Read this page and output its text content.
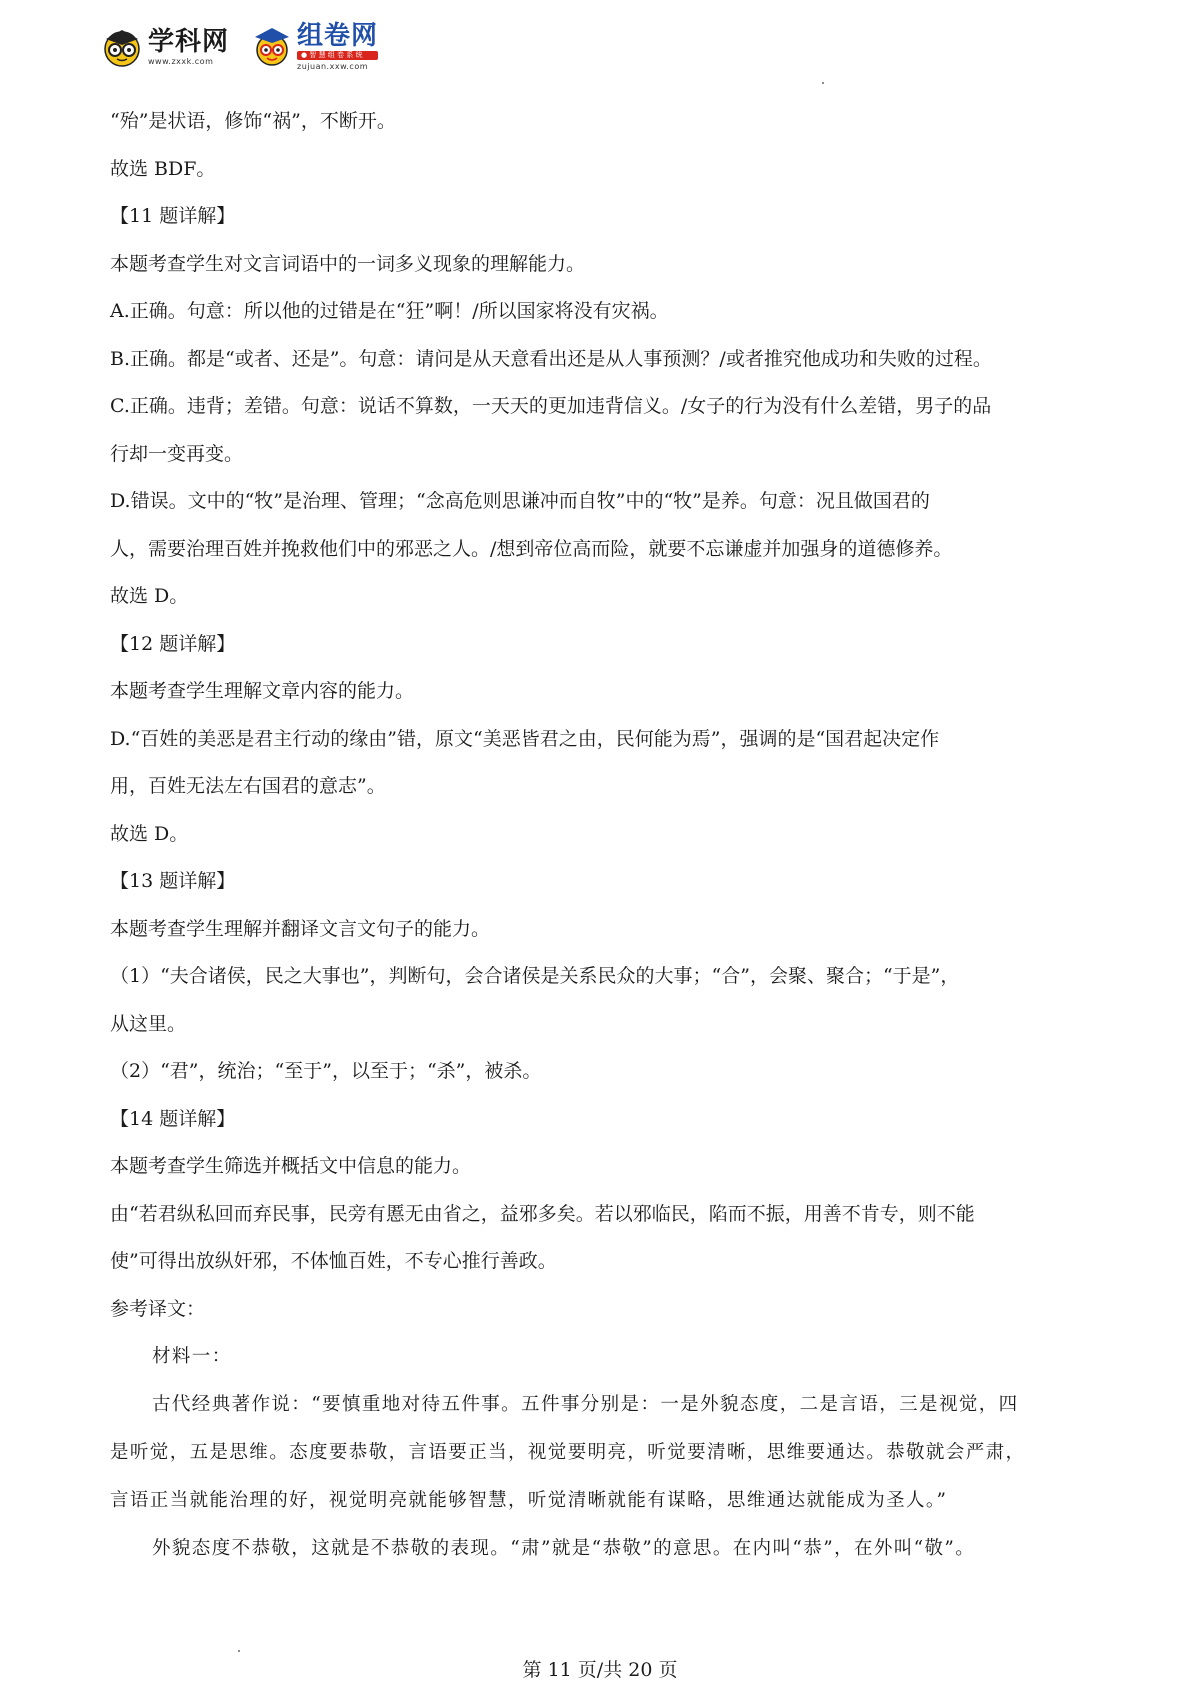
学科网
www.zxxk.com
组卷网
● 智 慧 组 卷 系 统
zujuan.xxw.com
“殆”是状语，修饰“祸”，不断开。
故选 BDF。
【11 题详解】
本题考查学生对文言词语中的一词多义现象的理解能力。
A.正确。句意：所以他的过错是在“狂”啊！/所以国家将没有灾祸。
B.正确。都是“或者、还是”。句意：请问是从天意看出还是从人事预测？/或者推究他成功和失败的过程。
C.正确。违背；差错。句意：说话不算数，一天天的更加违背信义。/女子的行为没有什么差错，男子的品
行却一变再变。
D.错误。文中的“牧”是治理、管理；“念高危则思谦冲而自牧”中的“牧”是养。句意：况且做国君的
人，需要治理百姓并挽救他们中的邪恶之人。/想到帝位高而险，就要不忘谦虚并加强身的道德修养。
故选 D。
【12 题详解】
本题考查学生理解文章内容的能力。
D.“百姓的美恶是君主行动的缘由”错，原文“美恶皆君之由，民何能为焉”，强调的是“国君起决定作
用，百姓无法左右国君的意志”。
故选 D。
【13 题详解】
本题考查学生理解并翻译文言文句子的能力。
（1）“夫合诸侯，民之大事也”，判断句，会合诸侯是关系民众的大事；“合”，会聚、聚合；“于是”，
从这里。
（2）“君”，统治；“至于”，以至于；“杀”，被杀。
【14 题详解】
本题考查学生筛选并概括文中信息的能力。
由“若君纵私回而弃民事，民旁有慝无由省之，益邪多矣。若以邪临民，陷而不振，用善不肯专，则不能
使”可得出放纵奸邪，不体恤百姓，不专心推行善政。
参考译文：
材料一：
古代经典著作说：“要慎重地对待五件事。五件事分别是：一是外貌态度，二是言语，三是视觉，四
是听觉，五是思维。态度要恭敬，言语要正当，视觉要明亮，听觉要清晰，思维要通达。恭敬就会严肃，
言语正当就能治理的好，视觉明亮就能够智慧，听觉清晰就能有谋略，思维通达就能成为圣人。”
外貌态度不恭敬，这就是不恭敬的表现。“肃”就是“恭敬”的意思。在内叫“恭”，在外叫“敬”。
第 11 页/共 20 页
